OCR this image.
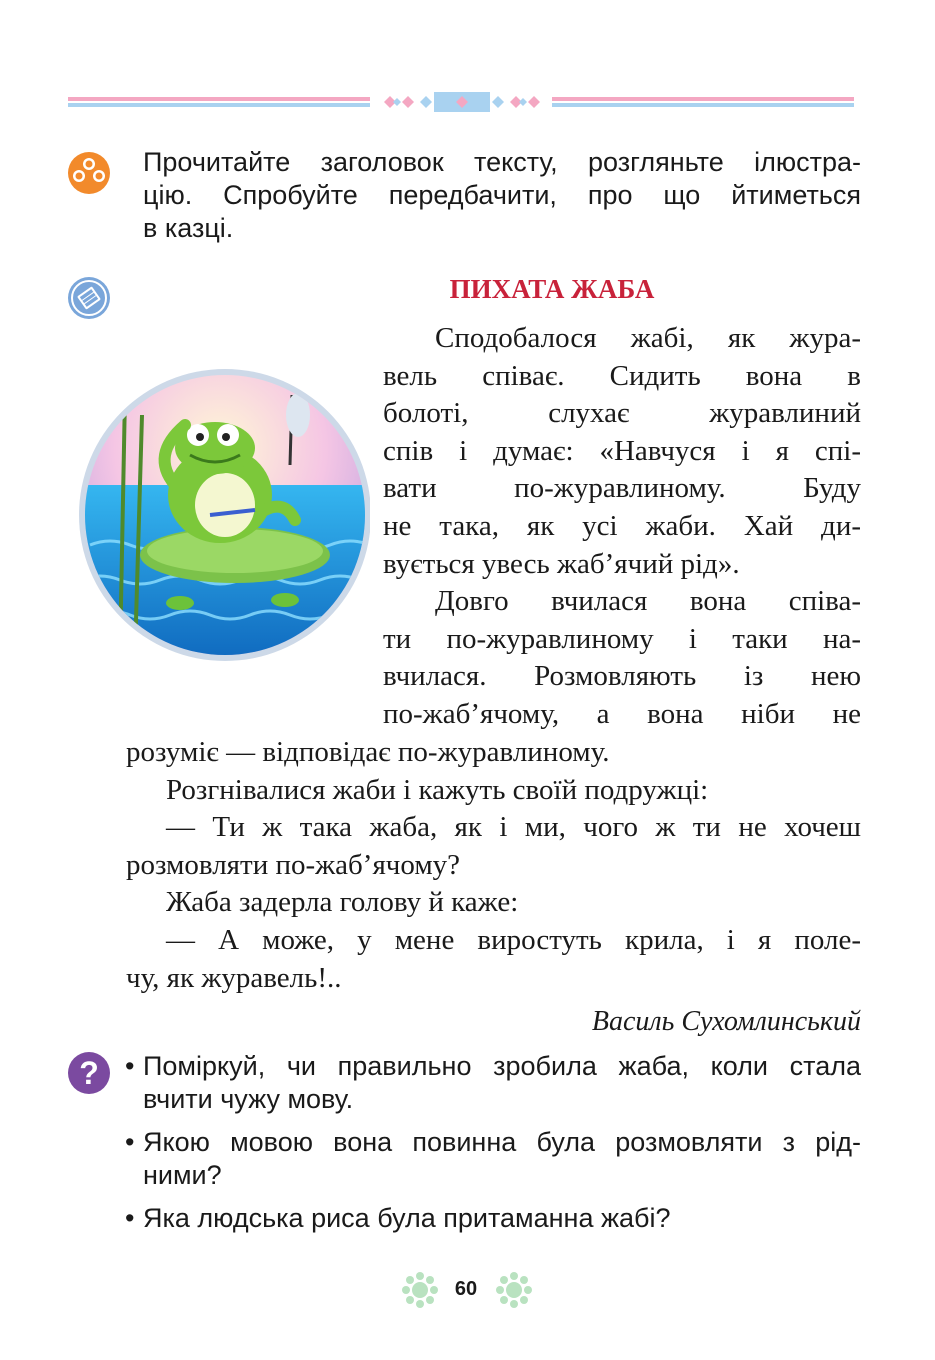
Прочитайте заголовок тексту, розгляньте ілюстра-
цію. Спробуйте передбачити, про що йтиметься
в казці.
ПИХАТА ЖАБА
Сподобалося жабі, як жура-
вель співає. Сидить вона в
болоті, слухає журавлиний
спів і думає: «Навчуся і я спі-
вати по-журавлиному. Буду
не така, як усі жаби. Хай ди-
вується увесь жаб’ячий рід».
Довго вчилася вона співа-
ти по-журавлиному і таки на-
вчилася. Розмовляють із нею
по-жаб’ячому, а вона ніби не
розуміє — відповідає по-журавлиному.
Розгнівалися жаби і кажуть своїй подружці:
— Ти ж така жаба, як і ми, чого ж ти не хочеш
розмовляти по-жаб’ячому?
Жаба задерла голову й каже:
— А може, у мене виростуть крила, і я поле-
чу, як журавель!..
Василь Сухомлинський
? • Поміркуй, чи правильно зробила жаба, коли стала
вчити чужу мову.
• Якою мовою вона повинна була розмовляти з рід-
ними?
• Яка людська риса була притаманна жабі?
60
